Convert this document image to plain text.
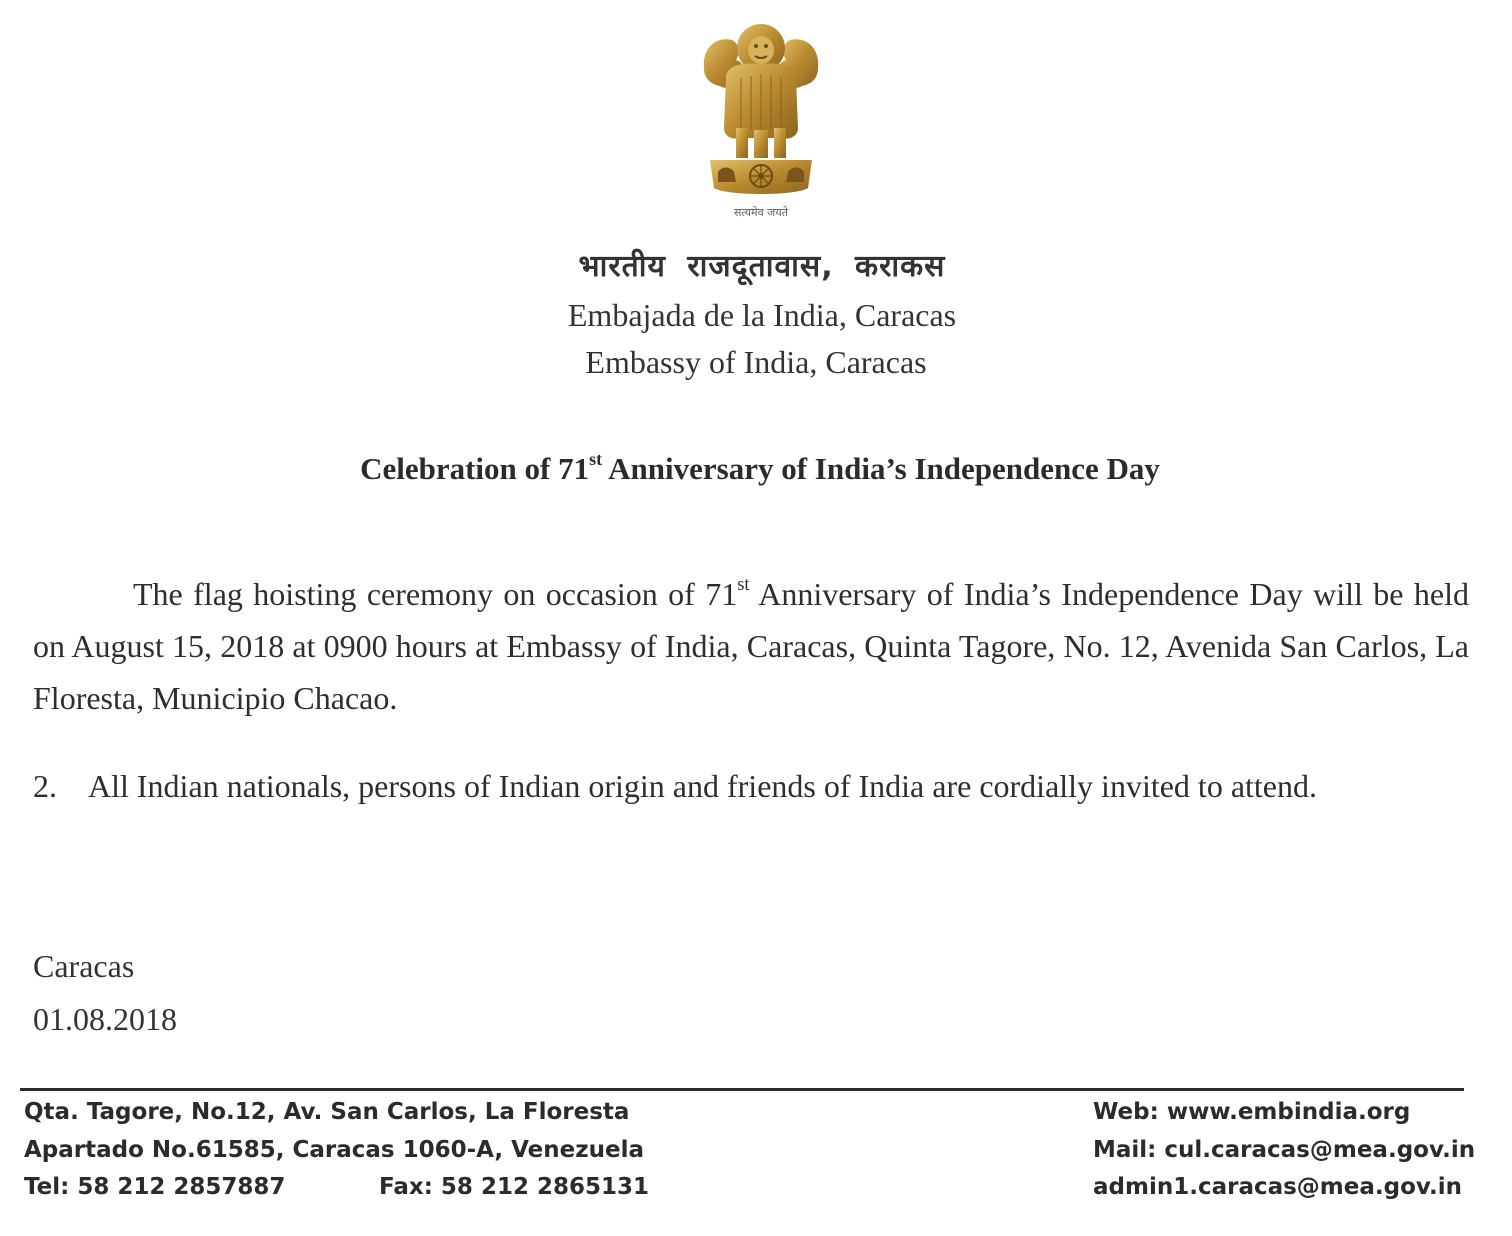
सत्यमेव जयते
भारतीय राजदूतावास, कराकस
Embajada de la India, Caracas
Embassy of India, Caracas
Celebration of 71st Anniversary of India’s Independence Day
The flag hoisting ceremony on occasion of 71st Anniversary of India’s Independence Day will be held on August 15, 2018 at 0900 hours at Embassy of India, Caracas, Quinta Tagore, No. 12, Avenida San Carlos, La Floresta, Municipio Chacao.
2. All Indian nationals, persons of Indian origin and friends of India are cordially invited to attend.
Caracas
01.08.2018
Qta. Tagore, No.12, Av. San Carlos, La Floresta
Apartado No.61585, Caracas 1060-A, Venezuela
Tel: 58 212 2857887	Fax: 58 212 2865131
Web: www.embindia.org
Mail: cul.caracas@mea.gov.in
admin1.caracas@mea.gov.in
